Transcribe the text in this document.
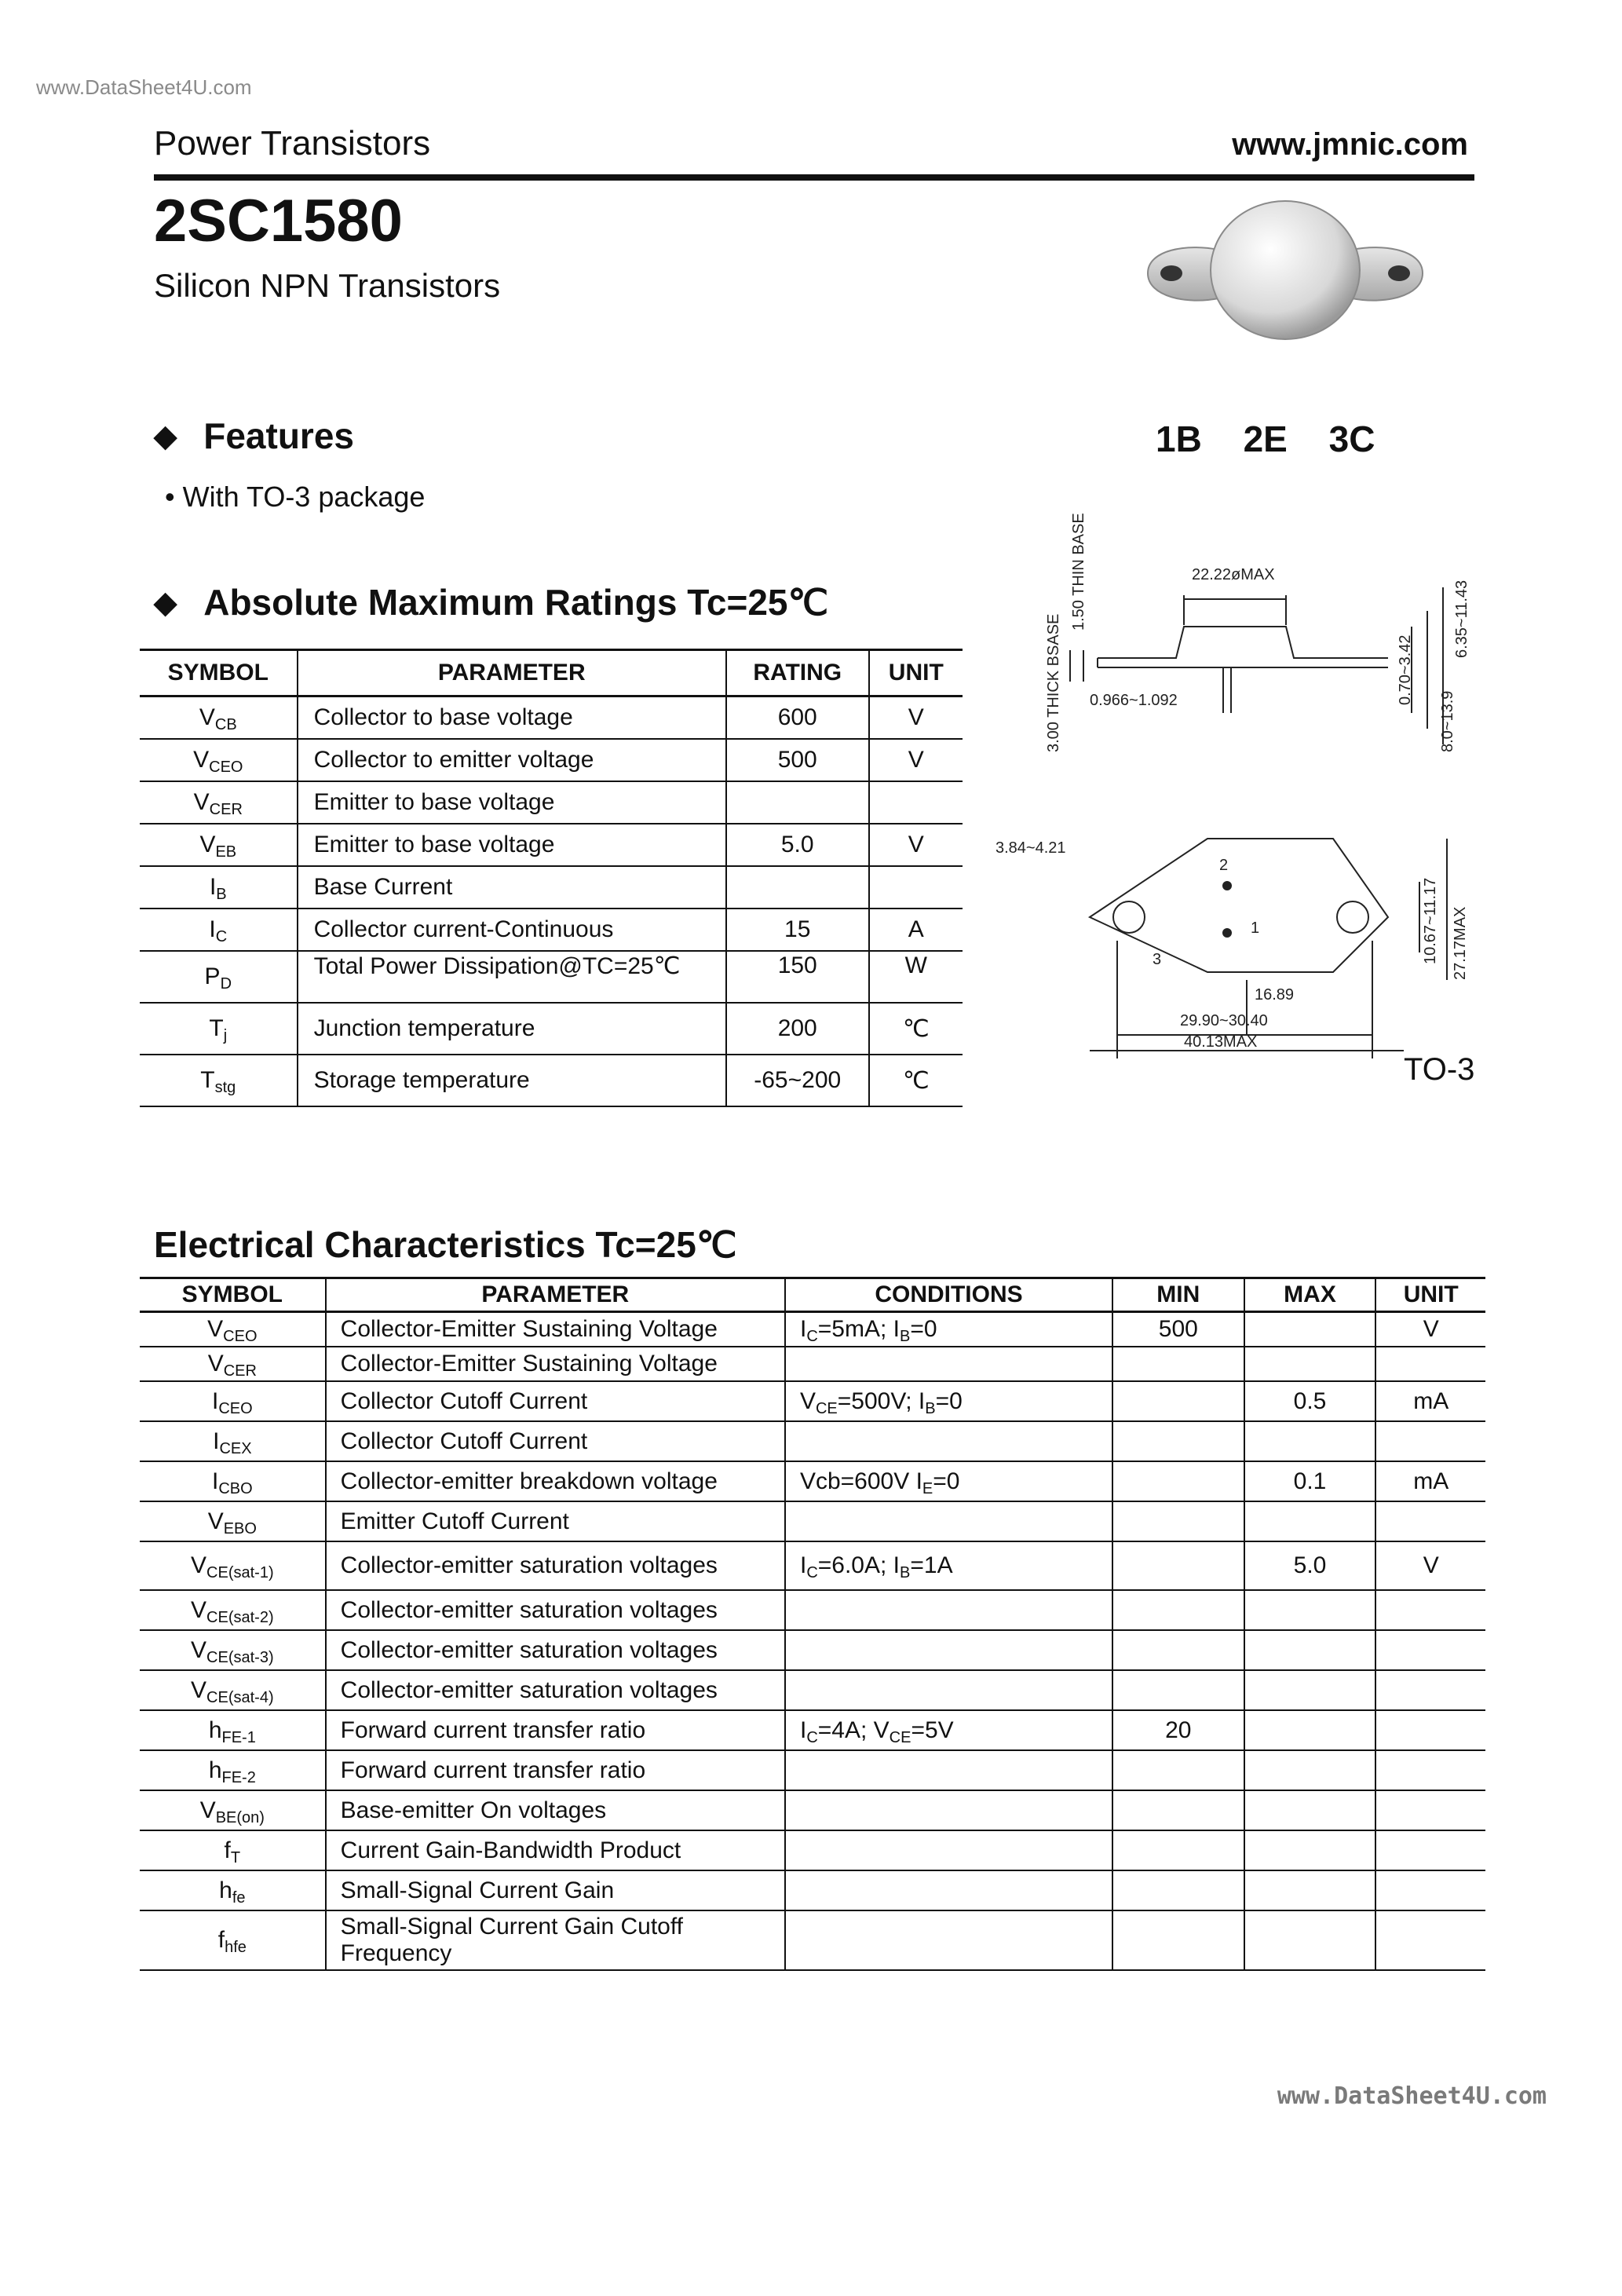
www.DataSheet4U.com
Power Transistors	www.jmnic.com
2SC1580
Silicon NPN Transistors
◆ Features	1B 2E 3C
• With TO-3 package
◆ Absolute Maximum Ratings Tc=25℃
22.22øMAX
0.966~1.092
3.00 THICK BSASE
1.50 THIN BASE
0.70~3.42
6.35~11.43
8.0~13.9
3.84~4.21
1
2
3
16.89
29.90~30.40
40.13MAX
10.67~11.17 27.17MAX
TO-3
SYMBOL	PARAMETER	RATING	UNIT
$V_{CB}$	Collector to base voltage	600	V
$V_{CEO}$	Collector to emitter voltage	500	V
$V_{CER}$	Emitter to base voltage		
$V_{EB}$	Emitter to base voltage	5.0	V
$I_B$	Base Current		
$I_C$	Collector current-Continuous	15	A
$P_D$	Total Power Dissipation@TC=25℃	150	W
$T_j$	Junction temperature	200	℃
$T_{stg}$	Storage temperature	-65~200	℃
Electrical Characteristics Tc=25℃
SYMBOL	PARAMETER	CONDITIONS	MIN	MAX	UNIT
$V_{CEO}$	Collector-Emitter Sustaining Voltage	$I_C=5mA$; $I_B=0$	500		V
$V_{CER}$	Collector-Emitter Sustaining Voltage				
$I_{CEO}$	Collector Cutoff Current	$V_{CE}=500V$; $I_B=0$		0.5	mA
$I_{CEX}$	Collector Cutoff Current				
$I_{CBO}$	Collector-emitter breakdown voltage	Vcb=600V $I_E=0$		0.1	mA
$V_{EBO}$	Emitter Cutoff Current				
$V_{CE(sat-1)}$	Collector-emitter saturation voltages	$I_C=6.0A$; $I_B=1A$		5.0	V
$V_{CE(sat-2)}$	Collector-emitter saturation voltages				
$V_{CE(sat-3)}$	Collector-emitter saturation voltages				
$V_{CE(sat-4)}$	Collector-emitter saturation voltages				
$h_{FE-1}$	Forward current transfer ratio	$I_C=4A$; $V_{CE}=5V$	20		
$h_{FE-2}$	Forward current transfer ratio				
$V_{BE(on)}$	Base-emitter On voltages				
$f_T$	Current Gain-Bandwidth Product				
$h_{fe}$	Small-Signal Current Gain				
$f_{hfe}$	Small-Signal Current Gain Cutoff Frequency				
www.DataSheet4U.com
